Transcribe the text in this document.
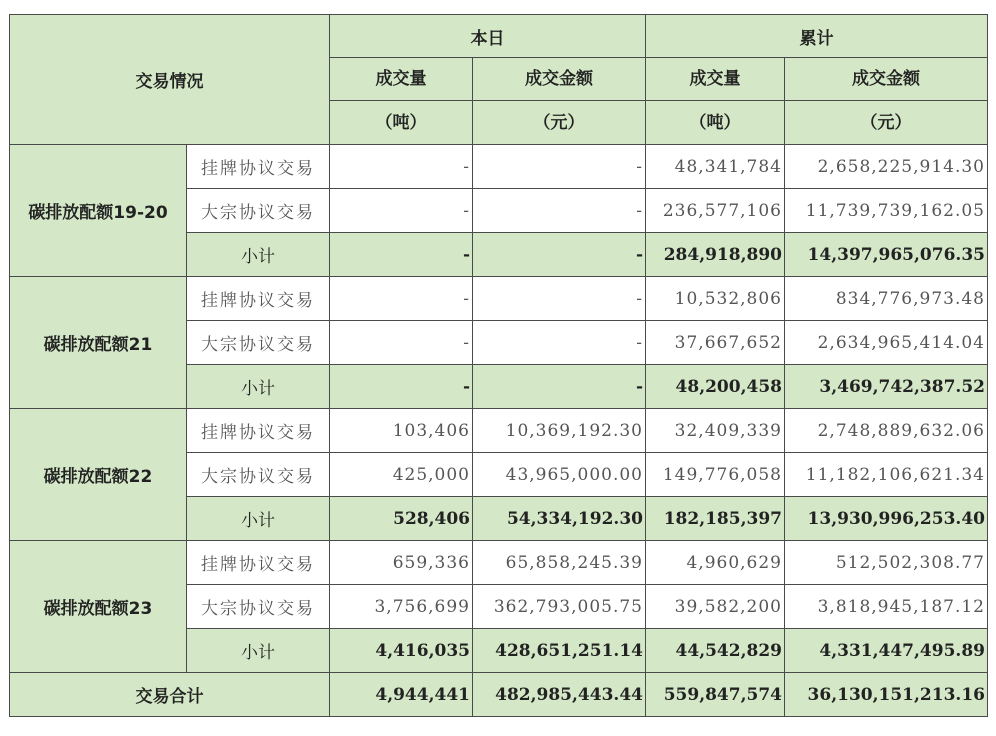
交易情况		本日		累计	
		成交量	成交金额	成交量	成交金额
		（吨）	（元）	（吨）	（元）
碳排放配额19-20	挂牌协议交易	-	-	48,341,784	2,658,225,914.30
	大宗协议交易	-	-	236,577,106	11,739,739,162.05
	小计	-	-	284,918,890	14,397,965,076.35
碳排放配额21	挂牌协议交易	-	-	10,532,806	834,776,973.48
	大宗协议交易	-	-	37,667,652	2,634,965,414.04
	小计	-	-	48,200,458	3,469,742,387.52
碳排放配额22	挂牌协议交易	103,406	10,369,192.30	32,409,339	2,748,889,632.06
	大宗协议交易	425,000	43,965,000.00	149,776,058	11,182,106,621.34
	小计	528,406	54,334,192.30	182,185,397	13,930,996,253.40
碳排放配额23	挂牌协议交易	659,336	65,858,245.39	4,960,629	512,502,308.77
	大宗协议交易	3,756,699	362,793,005.75	39,582,200	3,818,945,187.12
	小计	4,416,035	428,651,251.14	44,542,829	4,331,447,495.89
交易合计		4,944,441	482,985,443.44	559,847,574	36,130,151,213.16
